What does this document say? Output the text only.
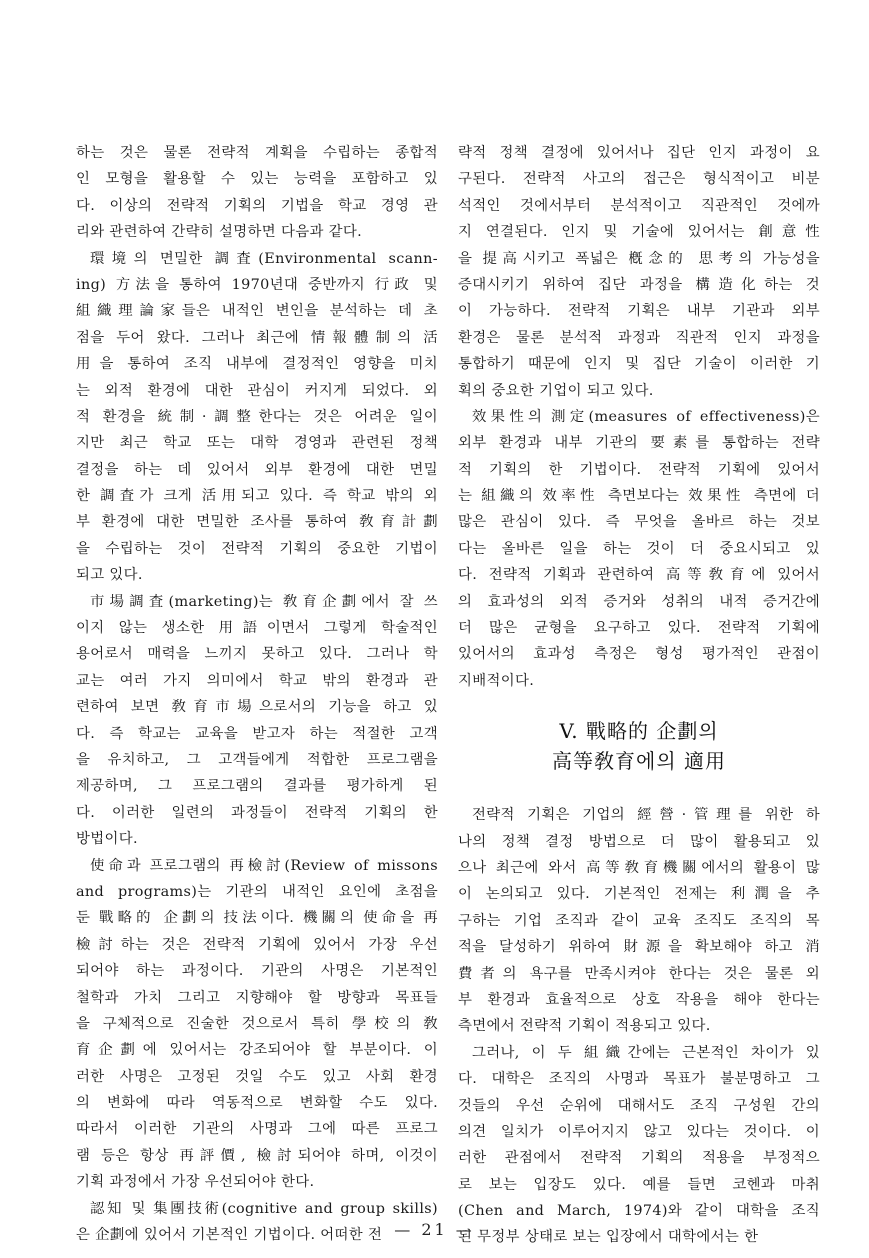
하는 것은 물론 전략적 계획을 수립하는 종합적
인 모형을 활용할 수 있는 능력을 포함하고 있
다. 이상의 전략적 기획의 기법을 학교 경영 관
리와 관련하여 간략히 설명하면 다음과 같다.
環境의 면밀한 調査(Environmental scann-
ing) 方法을 통하여 1970년대 중반까지 行政 및
組織理論家들은 내적인 변인을 분석하는 데 초
점을 두어 왔다. 그러나 최근에 情報體制의 活
用을 통하여 조직 내부에 결정적인 영향을 미치
는 외적 환경에 대한 관심이 커지게 되었다. 외
적 환경을 統制·調整한다는 것은 어려운 일이
지만 최근 학교 또는 대학 경영과 관련된 정책
결정을 하는 데 있어서 외부 환경에 대한 면밀
한 調査가 크게 活用되고 있다. 즉 학교 밖의 외
부 환경에 대한 면밀한 조사를 통하여 敎育計劃
을 수립하는 것이 전략적 기획의 중요한 기법이
되고 있다.
市場調査(marketing)는 敎育企劃에서 잘 쓰
이지 않는 생소한 用語이면서 그렇게 학술적인
용어로서 매력을 느끼지 못하고 있다. 그러나 학
교는 여러 가지 의미에서 학교 밖의 환경과 관
련하여 보면 敎育市場으로서의 기능을 하고 있
다. 즉 학교는 교육을 받고자 하는 적절한 고객
을 유치하고, 그 고객들에게 적합한 프로그램을
제공하며, 그 프로그램의 결과를 평가하게 된
다. 이러한 일련의 과정들이 전략적 기획의 한
방법이다.
使命과 프로그램의 再檢討(Review of missons
and programs)는 기관의 내적인 요인에 초점을
둔 戰略的 企劃의 技法이다. 機關의 使命을 再
檢討하는 것은 전략적 기획에 있어서 가장 우선
되어야 하는 과정이다. 기관의 사명은 기본적인
철학과 가치 그리고 지향해야 할 방향과 목표들
을 구체적으로 진술한 것으로서 특히 學校의 敎
育企劃에 있어서는 강조되어야 할 부분이다. 이
러한 사명은 고정된 것일 수도 있고 사회 환경
의 변화에 따라 역동적으로 변화할 수도 있다.
따라서 이러한 기관의 사명과 그에 따른 프로그
램 등은 항상 再評價, 檢討되어야 하며, 이것이
기획 과정에서 가장 우선되어야 한다.
認知 및 集團技術(cognitive and group skills)
은 企劃에 있어서 기본적인 기법이다. 어떠한 전
략적 정책 결정에 있어서나 집단 인지 과정이 요
구된다. 전략적 사고의 접근은 형식적이고 비분
석적인 것에서부터 분석적이고 직관적인 것에까
지 연결된다. 인지 및 기술에 있어서는 創意性
을 提高시키고 폭넓은 槪念的 思考의 가능성을
증대시키기 위하여 집단 과정을 構造化하는 것
이 가능하다. 전략적 기획은 내부 기관과 외부
환경은 물론 분석적 과정과 직관적 인지 과정을
통합하기 때문에 인지 및 집단 기술이 이러한 기
획의 중요한 기업이 되고 있다.
效果性의 測定(measures of effectiveness)은
외부 환경과 내부 기관의 要素를 통합하는 전략
적 기획의 한 기법이다. 전략적 기획에 있어서
는 組織의 效率性 측면보다는 效果性 측면에 더
많은 관심이 있다. 즉 무엇을 올바르 하는 것보
다는 올바른 일을 하는 것이 더 중요시되고 있
다. 전략적 기획과 관련하여 高等敎育에 있어서
의 효과성의 외적 증거와 성취의 내적 증거간에
더 많은 균형을 요구하고 있다. 전략적 기획에
있어서의 효과성 측정은 형성 평가적인 관점이
지배적이다.
V. 戰略的 企劃의
高等敎育에의 適用
전략적 기획은 기업의 經營·管理를 위한 하
나의 정책 결정 방법으로 더 많이 활용되고 있
으나 최근에 와서 高等敎育機關에서의 활용이 많
이 논의되고 있다. 기본적인 전제는 利潤을 추
구하는 기업 조직과 같이 교육 조직도 조직의 목
적을 달성하기 위하여 財源을 확보해야 하고 消
費者의 욕구를 만족시켜야 한다는 것은 물론 외
부 환경과 효율적으로 상호 작용을 해야 한다는
측면에서 전략적 기획이 적용되고 있다.
그러나, 이 두 組織간에는 근본적인 차이가 있
다. 대학은 조직의 사명과 목표가 불분명하고 그
것들의 우선 순위에 대해서도 조직 구성원 간의
의견 일치가 이루어지지 않고 있다는 것이다. 이
러한 관점에서 전략적 기획의 적용을 부정적으
로 보는 입장도 있다. 예를 들면 코헨과 마취
(Chen and March, 1974)와 같이 대학을 조직
된 무정부 상태로 보는 입장에서 대학에서는 한
— 21 —
